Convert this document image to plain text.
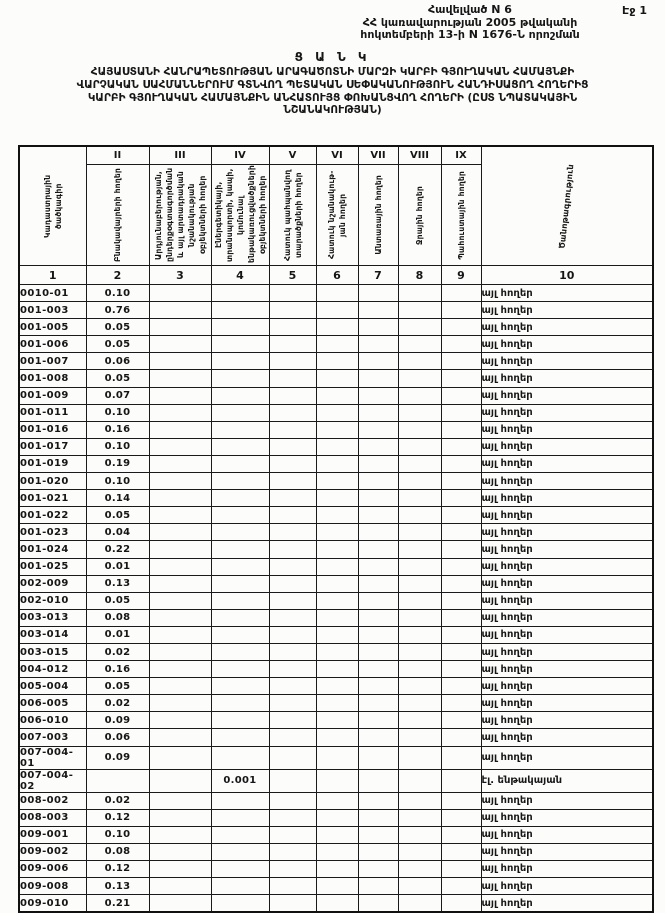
Հավելված N 6
ՀՀ կառավարության 2005 թվականի
հոկտեմբերի 13-ի N 1676-Ն որոշման
Էջ 1
Ց Ա Ն Կ
ՀԱՅԱՍՏԱՆԻ ՀԱՆՐԱՊԵՏՈՒԹՅԱՆ ԱՐԱԳԱԾՈՏՆԻ ՄԱՐԶԻ ԿԱՐԲԻ ԳՅՈՒՂԱԿԱՆ ՀԱՄԱՅՆՔԻ
ՎԱՐՉԱԿԱՆ ՍԱՀՄԱՆՆԵՐՈՒՄ ԳՏՆՎՈՂ ՊԵՏԱԿԱՆ ՍԵՓԱԿԱՆՈՒԹՅՈՒՆ ՀԱՆԴԻՍԱՑՈՂ ՀՈՂԵՐԻՑ
ԿԱՐԲԻ ԳՅՈՒՂԱԿԱՆ ՀԱՄԱՅՆՔԻՆ ԱՆՀԱՏՈՒՅՑ ՓՈԽԱՆՑՎՈՂ ՀՈՂԵՐԻ (ԸՍՏ ՆՊԱՏԱԿԱՅԻՆ
ՆՇԱՆԱԿՈՒԹՅԱՆ)
Կադաստրային ծածկագիր	II	III	IV	V	VI	VII	VIII	IX	Ծանոթագրություն

	Բնակավայրերի հողեր	Արդյունաբերության, ընդերքօգտագործման և այլ արտադրական նշանակության օբյեկտների հողեր	Էներգետիկայի, տրանսպորտի, կապի, կոմունալ ենթակառուցվածքների օբյեկտների հողեր	Հատուկ պահպանվող տարածքների հողեր	Հատուկ նշանակութ-յան հողեր	Անտառային հողեր	Ջրային հողեր	Պահուստային հողեր	

1	2	3	4	5	6	7	8	9	10
0010-01	0.10								այլ հողեր
001-003	0.76								այլ հողեր
001-005	0.05								այլ հողեր
001-006	0.05								այլ հողեր
001-007	0.06								այլ հողեր
001-008	0.05								այլ հողեր
001-009	0.07								այլ հողեր
001-011	0.10								այլ հողեր
001-016	0.16								այլ հողեր
001-017	0.10								այլ հողեր
001-019	0.19								այլ հողեր
001-020	0.10								այլ հողեր
001-021	0.14								այլ հողեր
001-022	0.05								այլ հողեր
001-023	0.04								այլ հողեր
001-024	0.22								այլ հողեր
001-025	0.01								այլ հողեր
002-009	0.13								այլ հողեր
002-010	0.05								այլ հողեր
003-013	0.08								այլ հողեր
003-014	0.01								այլ հողեր
003-015	0.02								այլ հողեր
004-012	0.16								այլ հողեր
005-004	0.05								այլ հողեր
006-005	0.02								այլ հողեր
006-010	0.09								այլ հողեր
007-003	0.06								այլ հողեր
007-004-01	0.09								այլ հողեր
007-004-02			0.001						էլ. ենթակայան
008-002	0.02								այլ հողեր
008-003	0.12								այլ հողեր
009-001	0.10								այլ հողեր
009-002	0.08								այլ հողեր
009-006	0.12								այլ հողեր
009-008	0.13								այլ հողեր
009-010	0.21								այլ հողեր
